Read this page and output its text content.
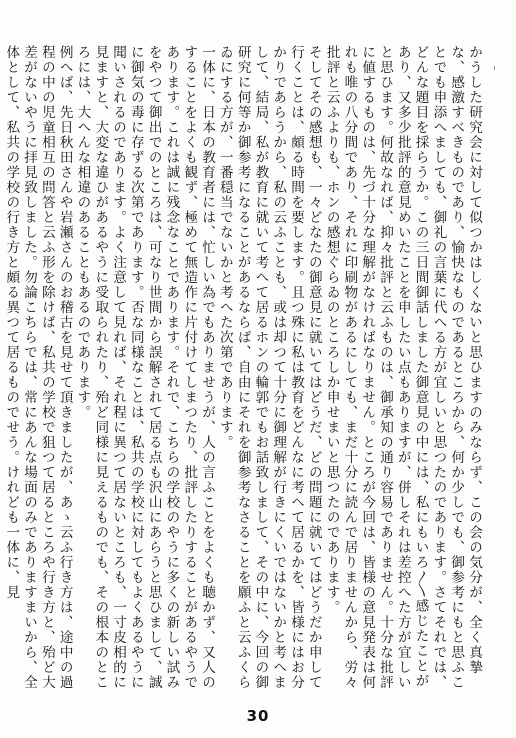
かうした研究会に対して似つかはしくないと思ひますのみならず、この会の気分が、全く真摯な、感激すべきものであり、愉快なものであるところから、何か少しでも、御参考にもと思ふことでも申添へましても、御礼の言葉に代へる方が宜しいと思つたのであります。さてそれでは、どんな題目を採らうか。この三日間御話しました御意見の中には、私にもいろ〳〵感じたことがあり、又多少批評的意見めいたことを申したい点もありますが、併しそれは差控へた方が宜しいと思ひます。何故なれば、抑々批評と云ふものは、御承知の通り容易でありません。十分な批評に値するものは、先づ十分な理解がなければなりません。ところが今回は、皆様の意見発表は何れも唯の八分間であり、それに印刷物があるにしても、まだ十分に読んで居りませんから、労々批評と云ふよりも、ホンの感想ぐらゐのところしか申せまいと思つたのであります。

そしてその感想も、一々どなたの御意見に就いてはどうだ、どの問題に就いてはどうだか申して行くことは、頗る時間を要します。且つ殊に私は教育をどんなに考へて居るかを、皆様にはお分かりであらうから、私の云ふことも、或は却つて十分に御理解が行きにくいではないかと考へまして、結局、私が教育に就いて考へて居るホンの輪郭でもお話致しまして、その中に、今回の御研究に何等か御参考になることがあるならば、自由にそれを御参考なさることを願ふと云ふくらゐにする方が、一番穏当でないかと考へた次第であります。

一体に、日本の教育者には、忙しい為でもありませうが、人の言ふことをよくも聴かず、又人のすることをよくも観ず、極めて無造作に片付けてしまつたり、批評したりすることがあるやうであります。これは誠に残念なことであります。それで、こちらの学校のやうに多くの新しい試みをやつて御出でのところは、可なり世間から誤解されて居る点も沢山にあらうと思ひまして、誠に御気の毒に存ずる次第であります。否な同様なことは、私共の学校に対してもよくあるやうに聞いされるのであります。よく注意して見れば、それ程に異つて居ないところも、一寸皮相的に見ますと、大変な違ひがあるやうに受取られたり、殆ど同様に見えるものでも、その根本のところには、大へんな相違のあることもあるのであります。

例へば、先日秋田さんや岩瀬さんのお稽古を見せて頂きましたが、あゝ云ふ行き方は、途中の過程の中の児童相互の問答と云ふ形を除けば、私共の学校で狙つて居るところや行き方と、殆ど大差がないやうに拝見致しました。勿論こちらでは、常にあんな場面のみでありますまいから、全体として、私共の学校の行き方と頗る異つて居るものでせう。けれども一体に、見

30
